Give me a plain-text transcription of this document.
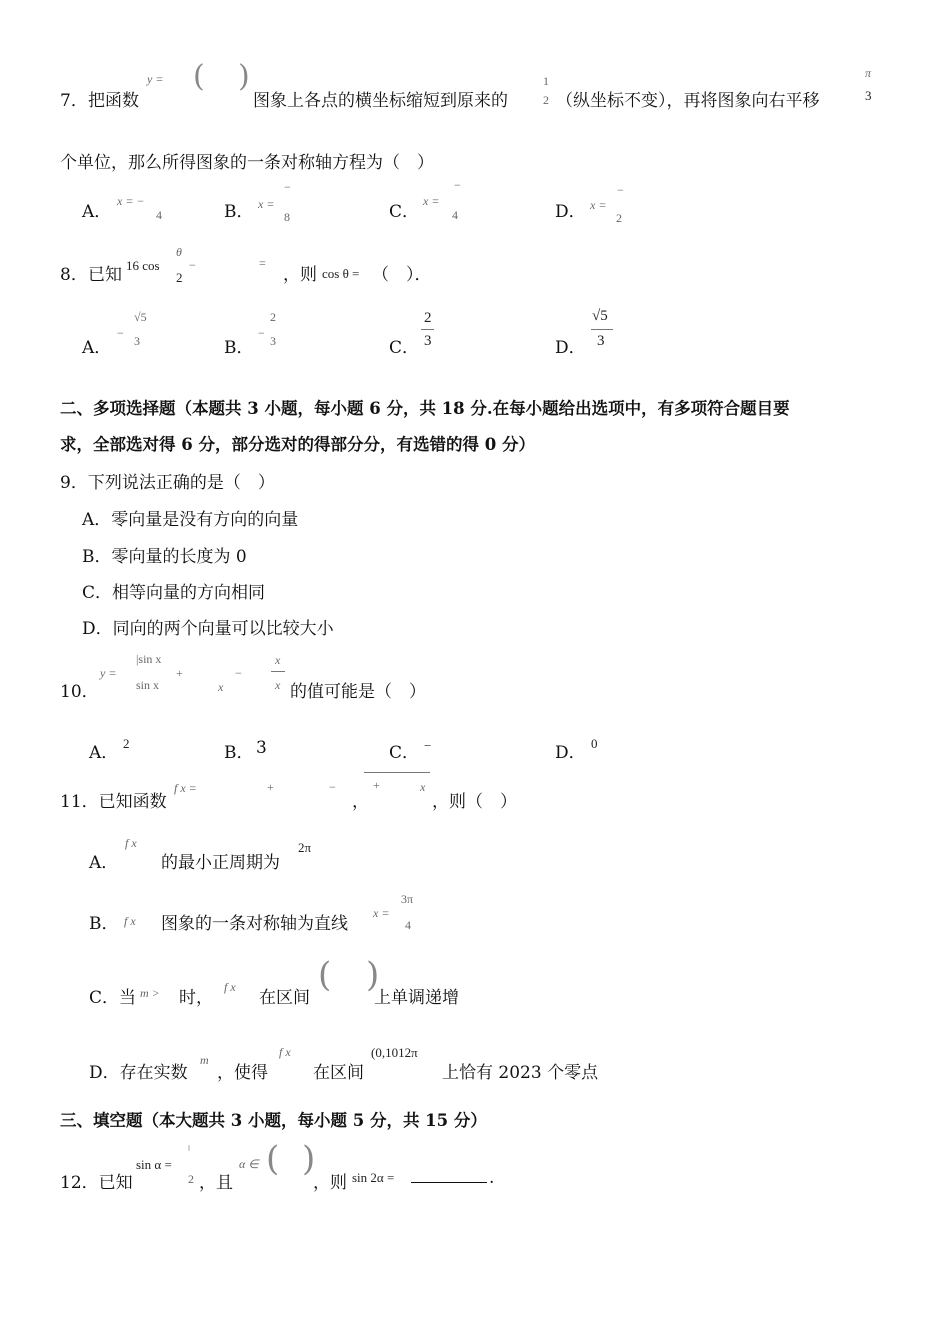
7． 把函数
y = ( )
图象上各点的横坐标缩短到原来的
1
2 （纵坐标不变），再将图象向右平移
π
3
个单位，那么所得图象的一条对称轴方程为（　）
A．
x = −
4	B． x =
−
8	C．
x =
−
4	D． x =
−
2
8． 已知 16 cos
θ
2
−	=
，则 cos θ = （　）．
A．
−
√5
3	B．
−
2
3	C．
2
3	D．
√5
3
二、多项选择题（本题共 3 小题，每小题 6 分，共 18 分.在每小题给出选项中，有多项符合题目要
求，全部选对得 6 分，部分选对的得部分分，有选错的得 0 分）
9．下列说法正确的是（　）
A．零向量是没有方向的向量
B．零向量的长度为 0
C．相等向量的方向相同
D．同向的两个向量可以比较大小
10．
y =
|sin x
sin x
+
x
−
x
x 的值可能是（　）
A． 2	B． 3	C． −	D． 0
11．已知函数
f x =	+	−
，
+	x
，则（　）
A．
f x
的最小正周期为
2π
B． f x 图象的一条对称轴为直线
x =
3π
4
C．当 m > 时，
f x
在区间
( )
上单调递增
D．存在实数
m
，使得
f x
在区间
(0,1012π
上恰有 2023 个零点
三、填空题（本大题共 3 小题，每小题 5 分，共 15 分）
12．已知
sin α =
ˡ
2 ，且
α ∈ ( )
，则 sin 2α =	.
